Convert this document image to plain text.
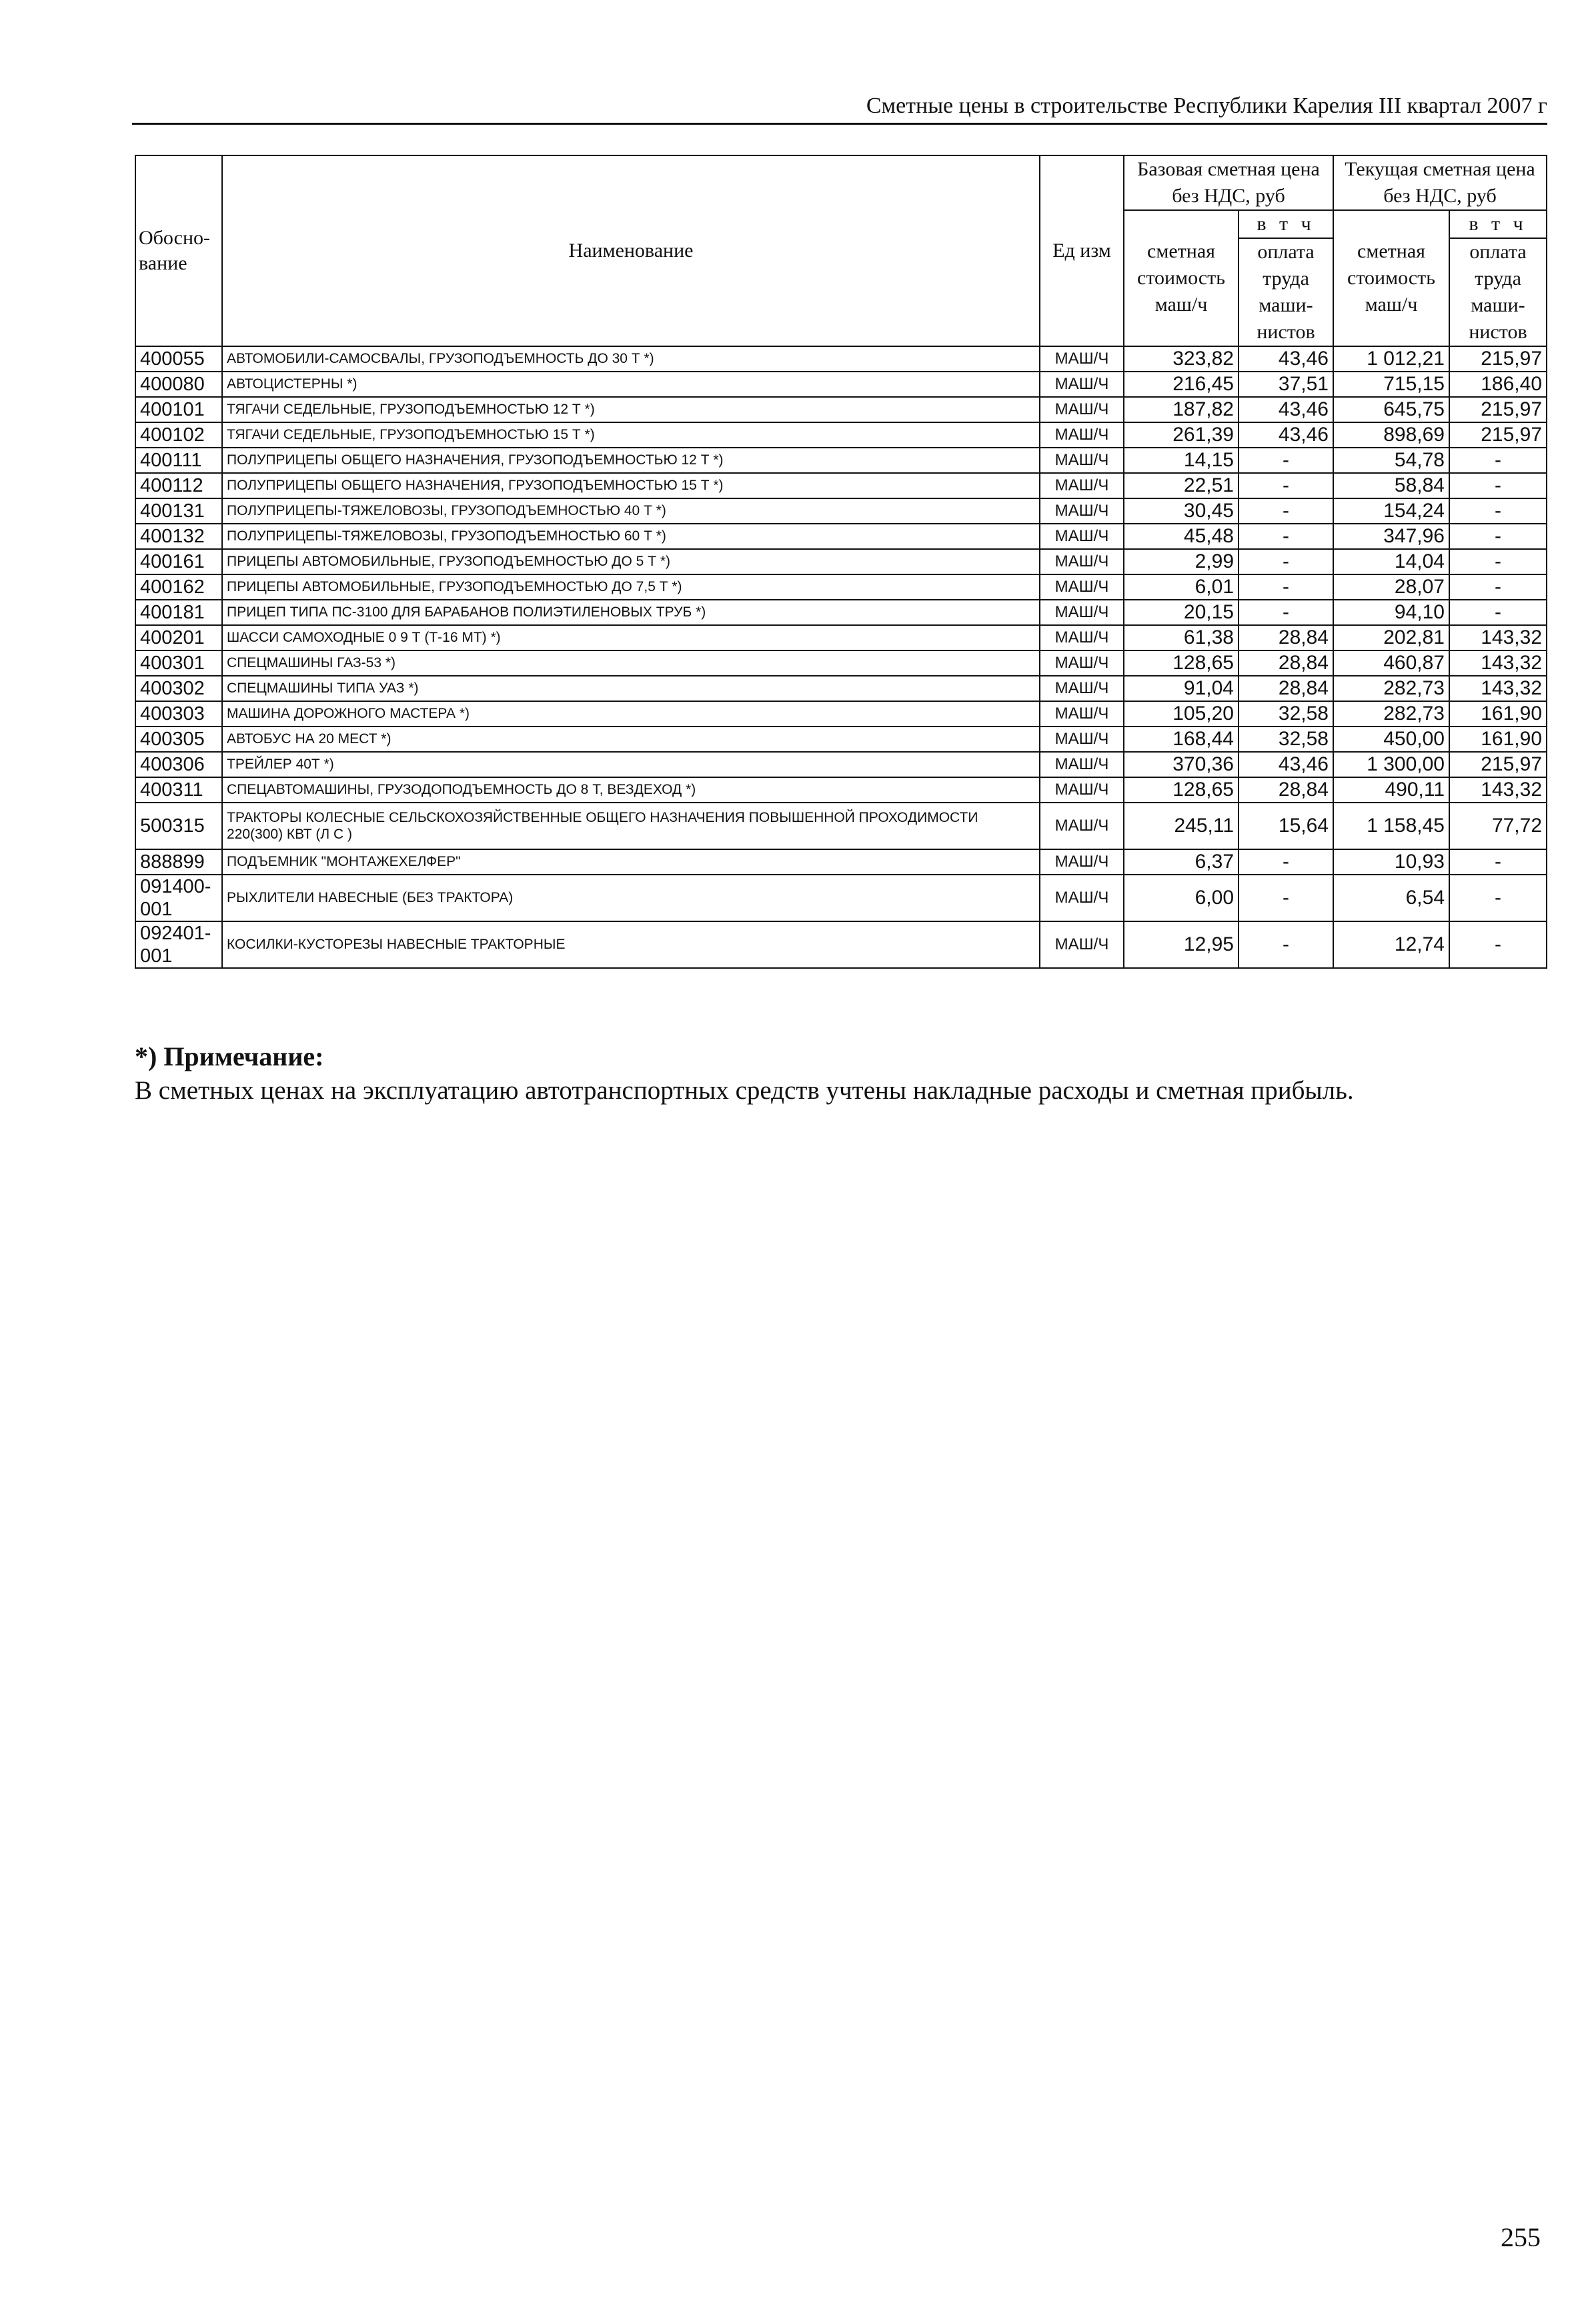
Сметные цены в строительстве Республики Карелия III квартал 2007 г
Обосно-вание	Наименование	Ед изм	Базовая сметная цена без НДС, руб		Текущая сметная цена без НДС, руб	
			сметная стоимость маш/ч	в т ч	сметная стоимость маш/ч	в т ч
				оплата труда маши-нистов		оплата труда маши-нистов
400055	АВТОМОБИЛИ-САМОСВАЛЫ, ГРУЗОПОДЪЕМНОСТЬ ДО 30 Т *)	МАШ/Ч	323,82	43,46	1 012,21	215,97
400080	АВТОЦИСТЕРНЫ *)	МАШ/Ч	216,45	37,51	715,15	186,40
400101	ТЯГАЧИ СЕДЕЛЬНЫЕ, ГРУЗОПОДЪЕМНОСТЬЮ 12 Т *)	МАШ/Ч	187,82	43,46	645,75	215,97
400102	ТЯГАЧИ СЕДЕЛЬНЫЕ, ГРУЗОПОДЪЕМНОСТЬЮ 15 Т *)	МАШ/Ч	261,39	43,46	898,69	215,97
400111	ПОЛУПРИЦЕПЫ ОБЩЕГО НАЗНАЧЕНИЯ, ГРУЗОПОДЪЕМНОСТЬЮ 12 Т *)	МАШ/Ч	14,15	-	54,78	-
400112	ПОЛУПРИЦЕПЫ ОБЩЕГО НАЗНАЧЕНИЯ, ГРУЗОПОДЪЕМНОСТЬЮ 15 Т *)	МАШ/Ч	22,51	-	58,84	-
400131	ПОЛУПРИЦЕПЫ-ТЯЖЕЛОВОЗЫ, ГРУЗОПОДЪЕМНОСТЬЮ 40 Т *)	МАШ/Ч	30,45	-	154,24	-
400132	ПОЛУПРИЦЕПЫ-ТЯЖЕЛОВОЗЫ, ГРУЗОПОДЪЕМНОСТЬЮ 60 Т *)	МАШ/Ч	45,48	-	347,96	-
400161	ПРИЦЕПЫ АВТОМОБИЛЬНЫЕ, ГРУЗОПОДЪЕМНОСТЬЮ ДО 5 Т *)	МАШ/Ч	2,99	-	14,04	-
400162	ПРИЦЕПЫ АВТОМОБИЛЬНЫЕ, ГРУЗОПОДЪЕМНОСТЬЮ ДО 7,5 Т *)	МАШ/Ч	6,01	-	28,07	-
400181	ПРИЦЕП ТИПА ПС-3100 ДЛЯ БАРАБАНОВ ПОЛИЭТИЛЕНОВЫХ ТРУБ *)	МАШ/Ч	20,15	-	94,10	-
400201	ШАССИ САМОХОДНЫЕ 0 9 Т (Т-16 МТ) *)	МАШ/Ч	61,38	28,84	202,81	143,32
400301	СПЕЦМАШИНЫ ГАЗ-53 *)	МАШ/Ч	128,65	28,84	460,87	143,32
400302	СПЕЦМАШИНЫ ТИПА УАЗ *)	МАШ/Ч	91,04	28,84	282,73	143,32
400303	МАШИНА ДОРОЖНОГО МАСТЕРА *)	МАШ/Ч	105,20	32,58	282,73	161,90
400305	АВТОБУС НА 20 МЕСТ *)	МАШ/Ч	168,44	32,58	450,00	161,90
400306	ТРЕЙЛЕР 40Т *)	МАШ/Ч	370,36	43,46	1 300,00	215,97
400311	СПЕЦАВТОМАШИНЫ, ГРУЗОДОПОДЪЕМНОСТЬ ДО 8 Т, ВЕЗДЕХОД *)	МАШ/Ч	128,65	28,84	490,11	143,32
500315	ТРАКТОРЫ КОЛЕСНЫЕ СЕЛЬСКОХОЗЯЙСТВЕННЫЕ ОБЩЕГО НАЗНАЧЕНИЯ ПОВЫШЕННОЙ ПРОХОДИМОСТИ 220(300) КВТ (Л С )	МАШ/Ч	245,11	15,64	1 158,45	77,72
888899	ПОДЪЕМНИК "МОНТАЖЕХЕЛФЕР"	МАШ/Ч	6,37	-	10,93	-
091400-001	РЫХЛИТЕЛИ НАВЕСНЫЕ (БЕЗ ТРАКТОРА)	МАШ/Ч	6,00	-	6,54	-
092401-001	КОСИЛКИ-КУСТОРЕЗЫ НАВЕСНЫЕ ТРАКТОРНЫЕ	МАШ/Ч	12,95	-	12,74	-
*) Примечание:
В сметных ценах на эксплуатацию автотранспортных средств учтены накладные расходы и сметная прибыль.
255
